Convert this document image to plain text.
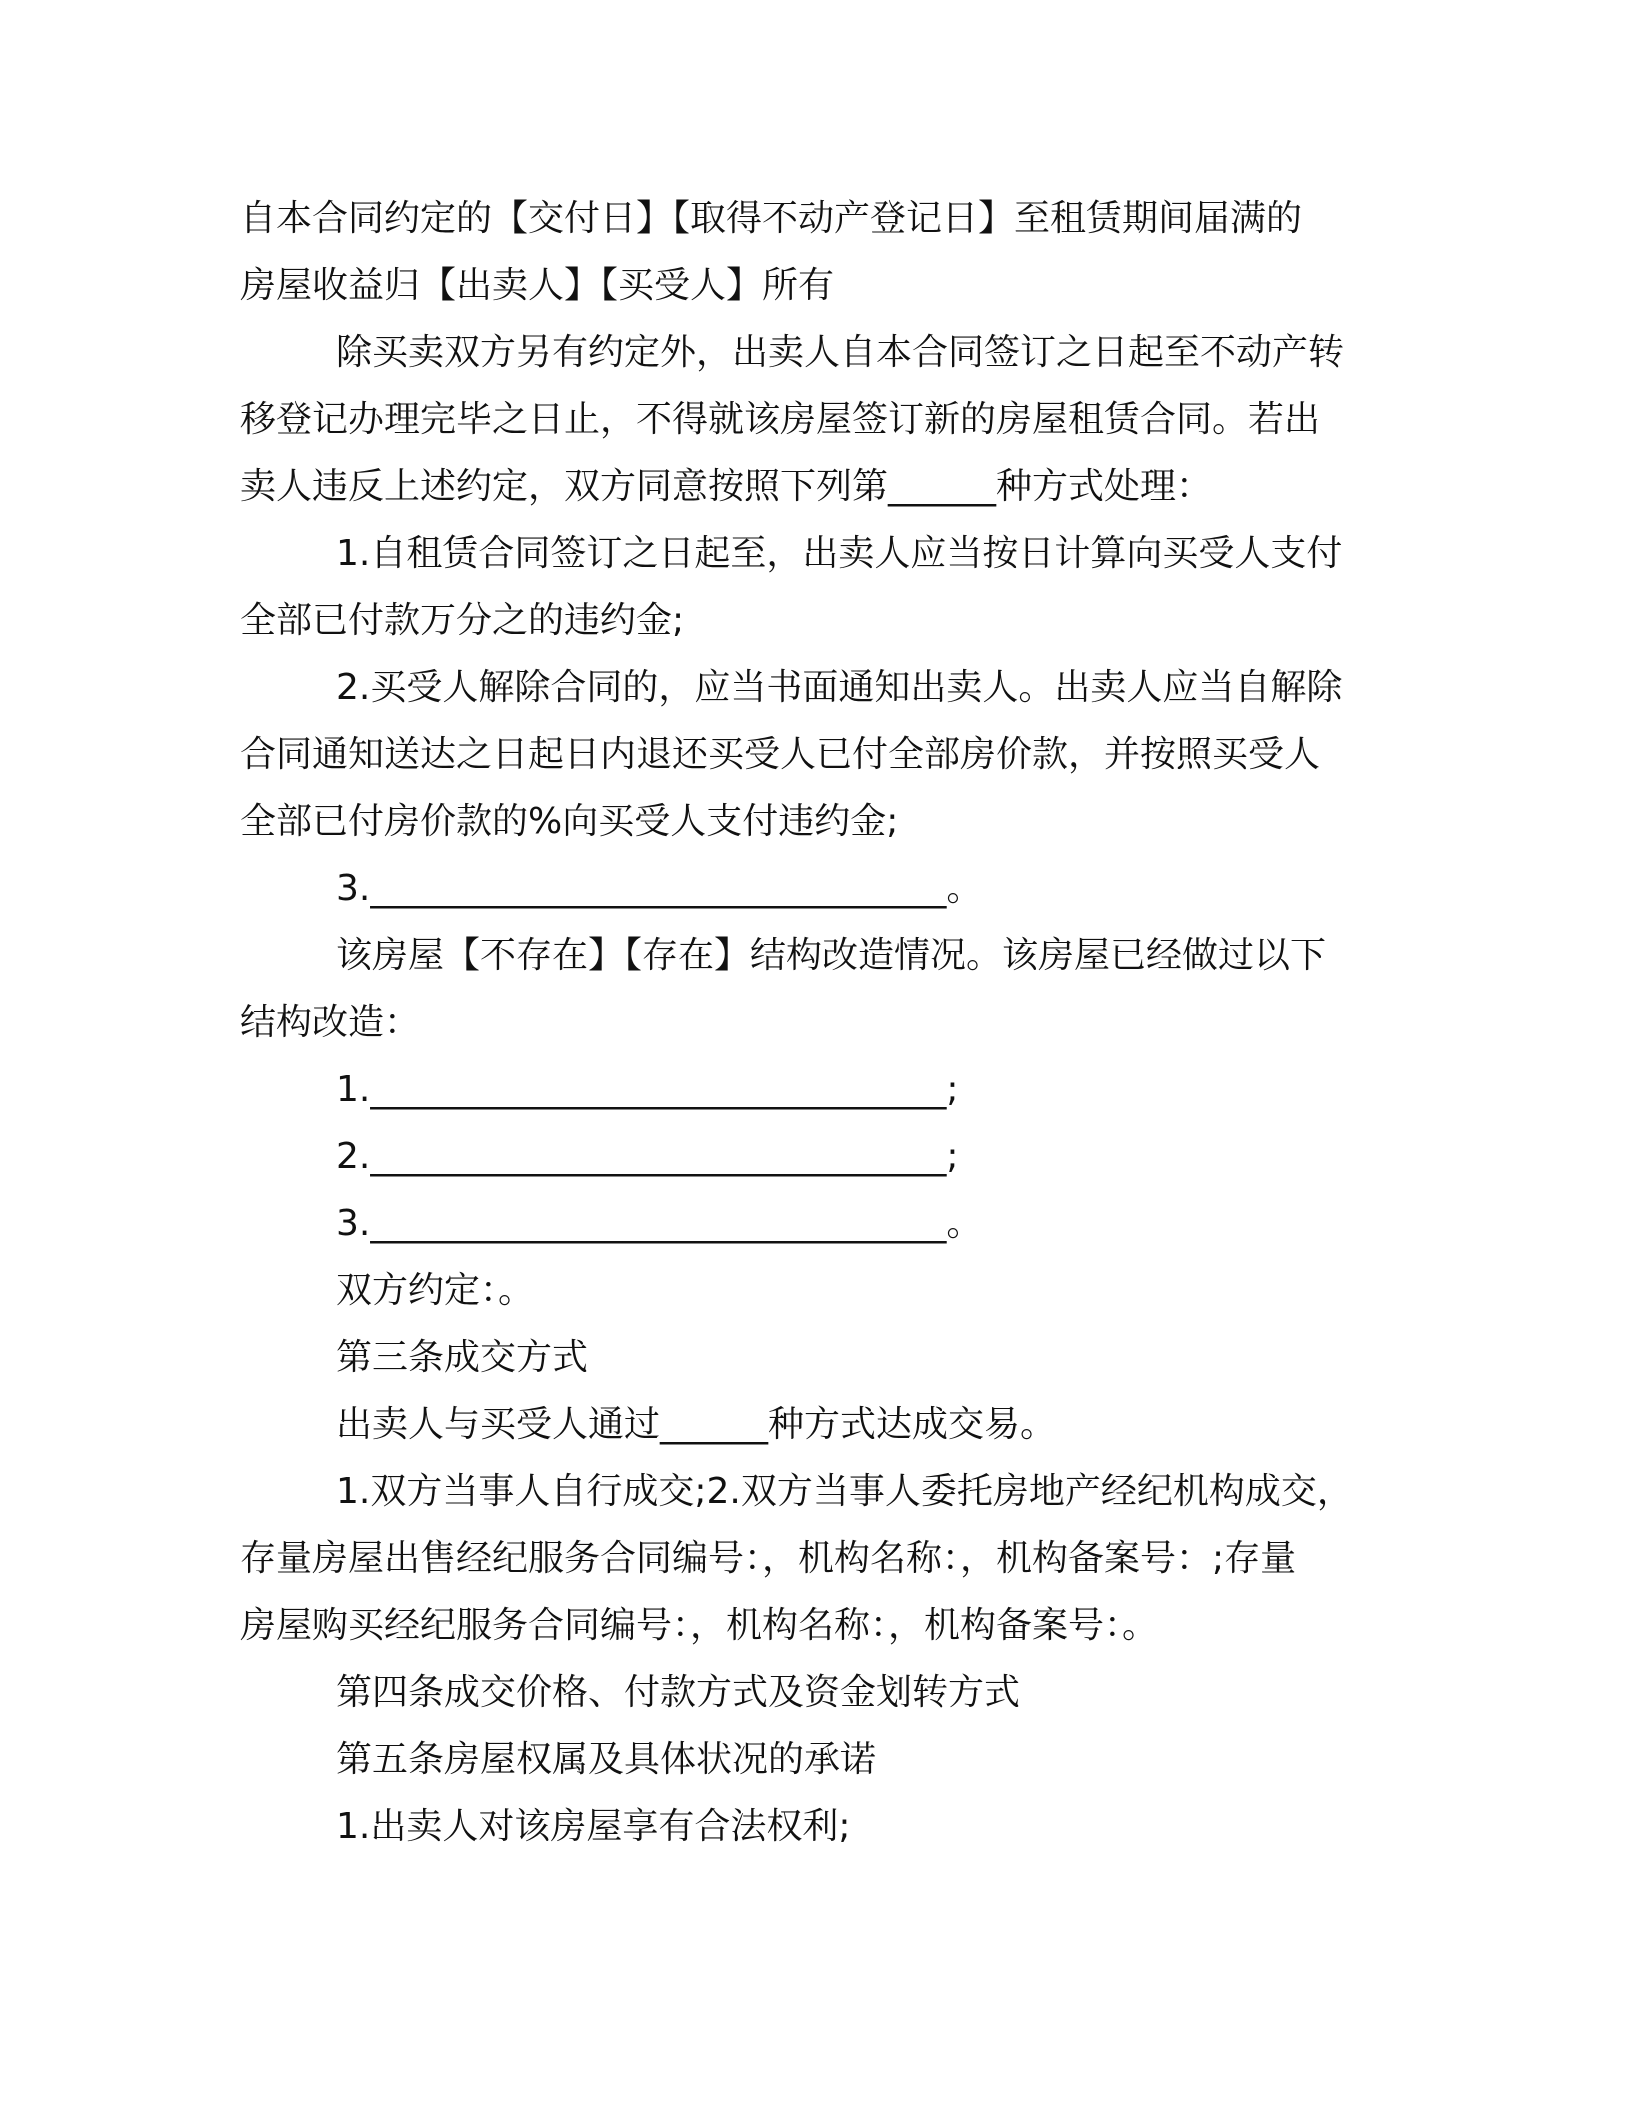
自本合同约定的【交付日】【取得不动产登记日】至租赁期间届满的
房屋收益归【出卖人】【买受人】所有
除买卖双方另有约定外，出卖人自本合同签订之日起至不动产转
移登记办理完毕之日止，不得就该房屋签订新的房屋租赁合同。若出
卖人违反上述约定，双方同意按照下列第______种方式处理：
1.自租赁合同签订之日起至，出卖人应当按日计算向买受人支付
全部已付款万分之的违约金;
2.买受人解除合同的，应当书面通知出卖人。出卖人应当自解除
合同通知送达之日起日内退还买受人已付全部房价款，并按照买受人
全部已付房价款的%向买受人支付违约金;
3.________________________________。
该房屋【不存在】【存在】结构改造情况。该房屋已经做过以下
结构改造：
1.________________________________;
2.________________________________;
3.________________________________。
双方约定：。
第三条成交方式
出卖人与买受人通过______种方式达成交易。
1.双方当事人自行成交;2.双方当事人委托房地产经纪机构成交，
存量房屋出售经纪服务合同编号：，机构名称：，机构备案号：;存量
房屋购买经纪服务合同编号：，机构名称：，机构备案号：。
第四条成交价格、付款方式及资金划转方式
第五条房屋权属及具体状况的承诺
1.出卖人对该房屋享有合法权利;
